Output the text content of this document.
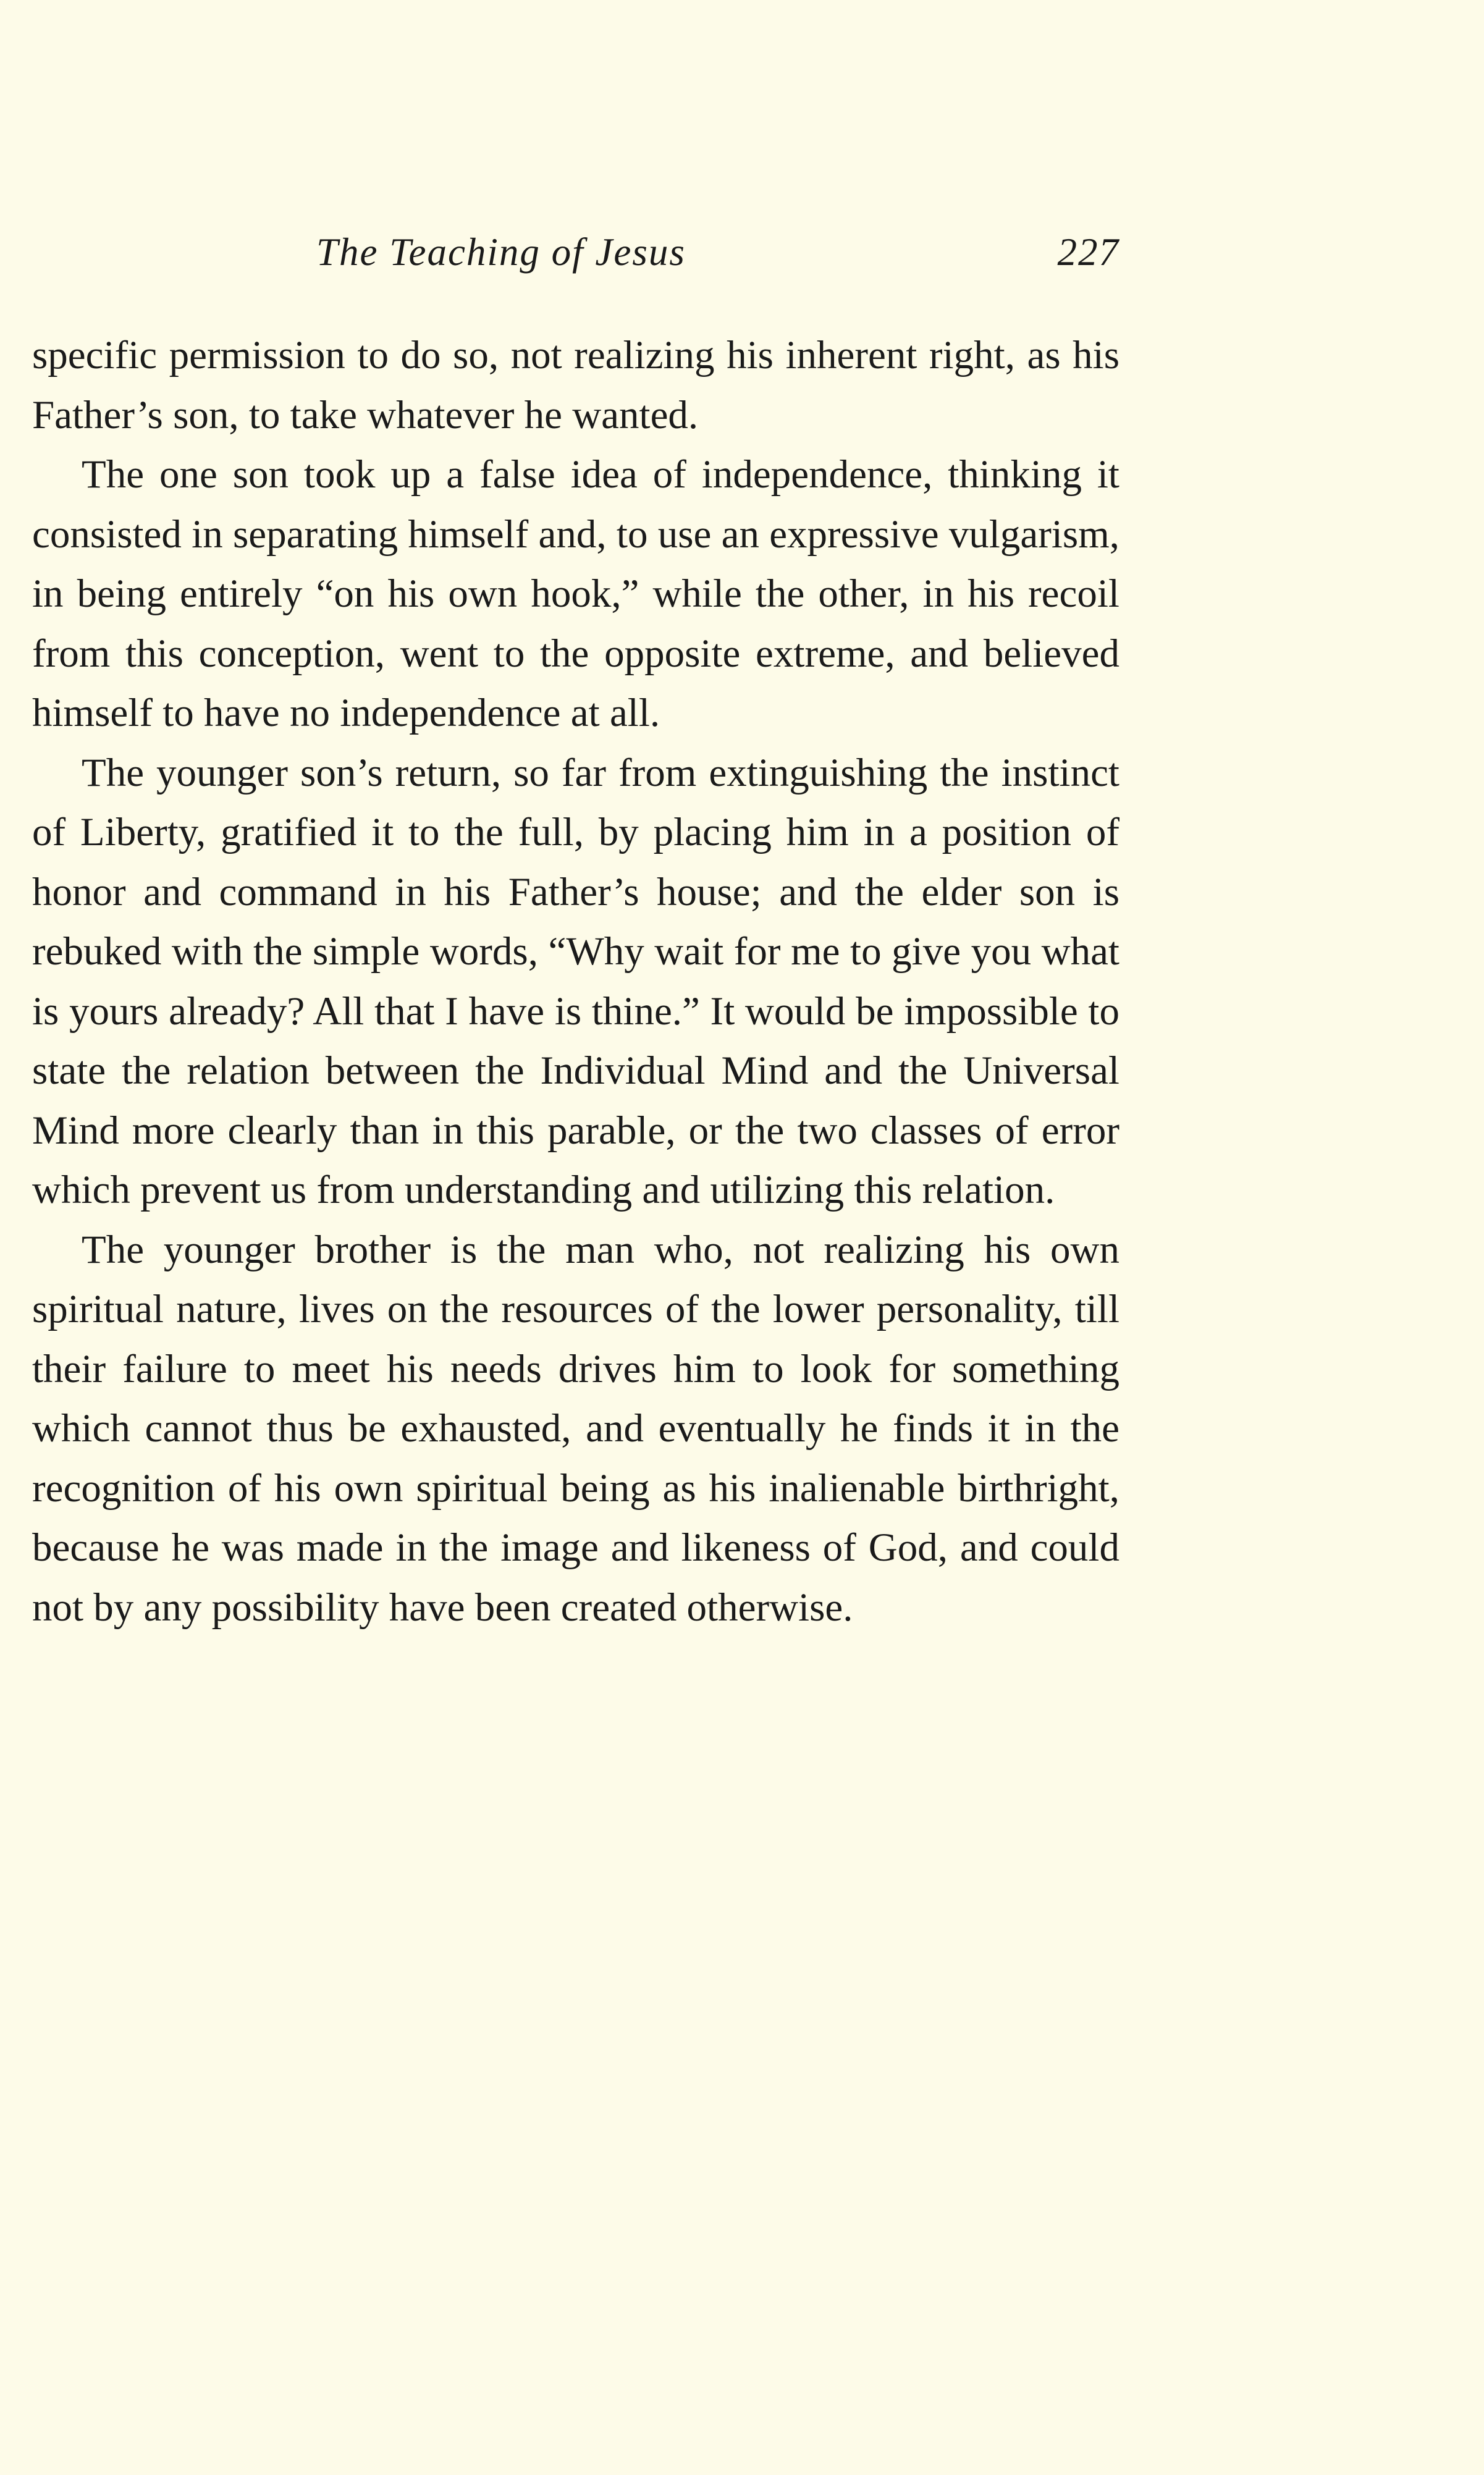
The Teaching of Jesus	227

specific permission to do so, not realizing his inherent right, as his Father’s son, to take whatever he wanted.

The one son took up a false idea of independence, thinking it consisted in separating himself and, to use an expressive vulgarism, in being entirely “on his own hook,” while the other, in his recoil from this conception, went to the opposite extreme, and believed himself to have no independence at all.

The younger son’s return, so far from extinguishing the instinct of Liberty, gratified it to the full, by placing him in a position of honor and command in his Father’s house; and the elder son is rebuked with the simple words, “Why wait for me to give you what is yours already? All that I have is thine.” It would be impossible to state the relation between the Individual Mind and the Universal Mind more clearly than in this parable, or the two classes of error which prevent us from understanding and utilizing this relation.

The younger brother is the man who, not realizing his own spiritual nature, lives on the resources of the lower personality, till their failure to meet his needs drives him to look for something which cannot thus be exhausted, and eventually he finds it in the recognition of his own spiritual being as his inalienable birthright, because he was made in the image and likeness of God, and could not by any possibility have been created otherwise.
